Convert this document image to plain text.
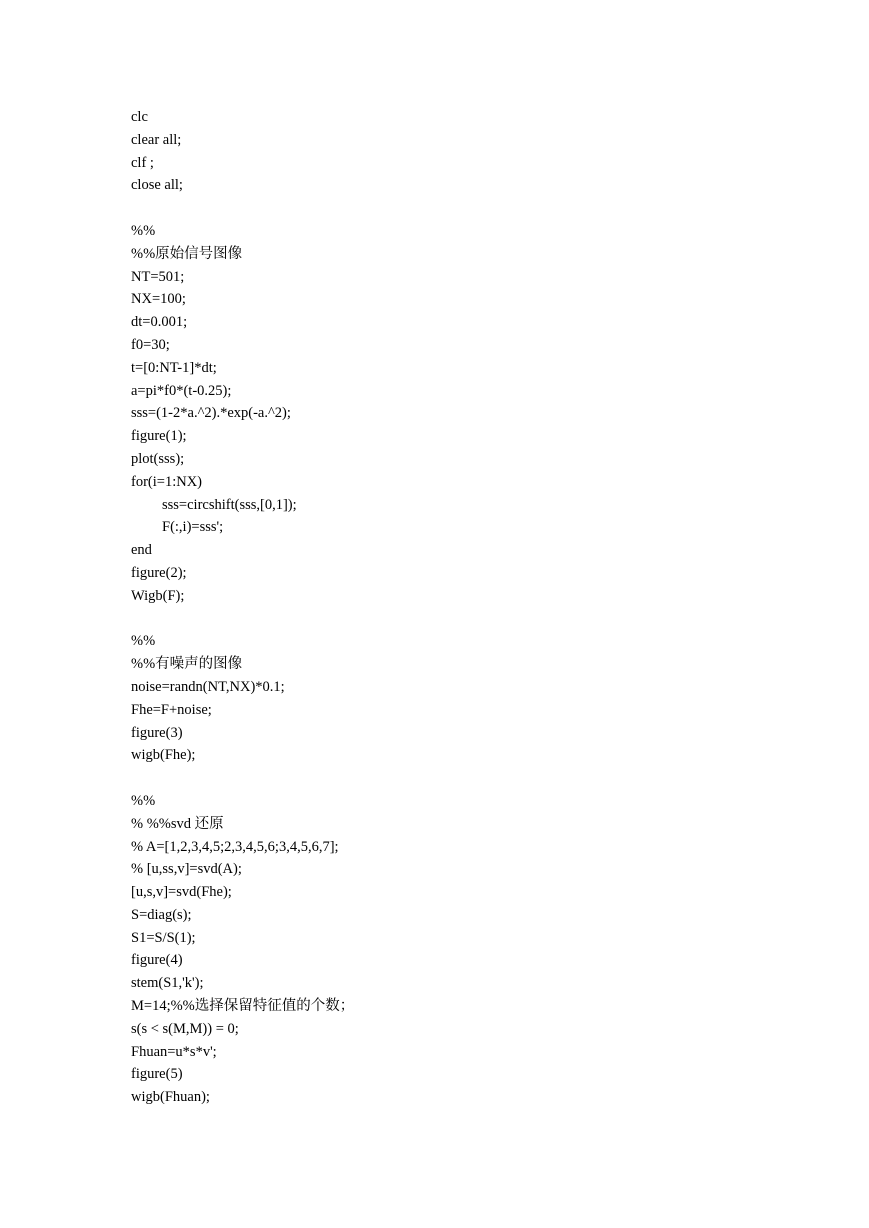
clc
clear all;
clf ;
close all;
%%
%%原始信号图像
NT=501;
NX=100;
dt=0.001;
f0=30;
t=[0:NT-1]*dt;
a=pi*f0*(t-0.25);
sss=(1-2*a.^2).*exp(-a.^2);
figure(1);
plot(sss);
for(i=1:NX)
sss=circshift(sss,[0,1]);
F(:,i)=sss';
end
figure(2);
Wigb(F);
%%
%%有噪声的图像
noise=randn(NT,NX)*0.1;
Fhe=F+noise;
figure(3)
wigb(Fhe);
%%
% %%svd 还原
% A=[1,2,3,4,5;2,3,4,5,6;3,4,5,6,7];
% [u,ss,v]=svd(A);
[u,s,v]=svd(Fhe);
S=diag(s);
S1=S/S(1);
figure(4)
stem(S1,'k');
M=14;%%选择保留特征值的个数；
s(s < s(M,M)) = 0;
Fhuan=u*s*v';
figure(5)
wigb(Fhuan);
